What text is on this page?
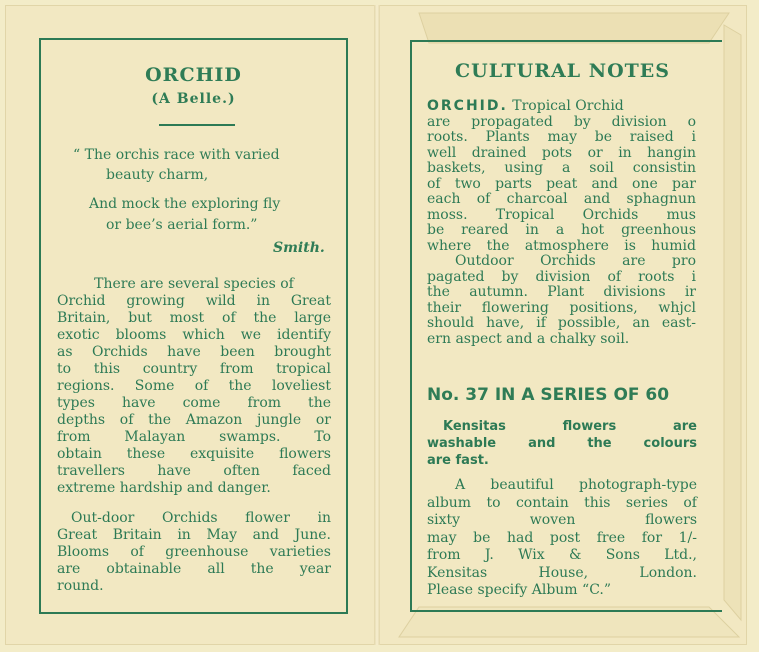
ORCHID
(A Belle.)
“ The orchis race with varied
beauty charm,
And mock the exploring fly
or bee’s aerial form.”
Smith.
There are several species of
Orchid growing wild in Great
Britain, but most of the large
exotic blooms which we identify
as Orchids have been brought
to this country from tropical
regions. Some of the loveliest
types have come from the
depths of the Amazon jungle or
from Malayan swamps. To
obtain these exquisite flowers
travellers have often faced
extreme hardship and danger.
Out-door Orchids flower in
Great Britain in May and June.
Blooms of greenhouse varieties
are obtainable all the year
round.
CULTURAL NOTES
ORCHID. Tropical Orchid
are propagated by division o
roots. Plants may be raised i
well drained pots or in hangin
baskets, using a soil consistin
of two parts peat and one par
each of charcoal and sphagnun
moss. Tropical Orchids mus
be reared in a hot greenhous
where the atmosphere is humid
Outdoor Orchids are pro
pagated by division of roots i
the autumn. Plant divisions ir
their flowering positions, whjcl
should have, if possible, an east-
ern aspect and a chalky soil.
No. 37 IN A SERIES OF 60
Kensitas flowers are
washable and the colours
are fast.
A beautiful photograph-type
album to contain this series of
sixty woven flowers
may be had post free for 1/-
from J. Wix & Sons Ltd.,
Kensitas House, London.
Please specify Album “C.”
